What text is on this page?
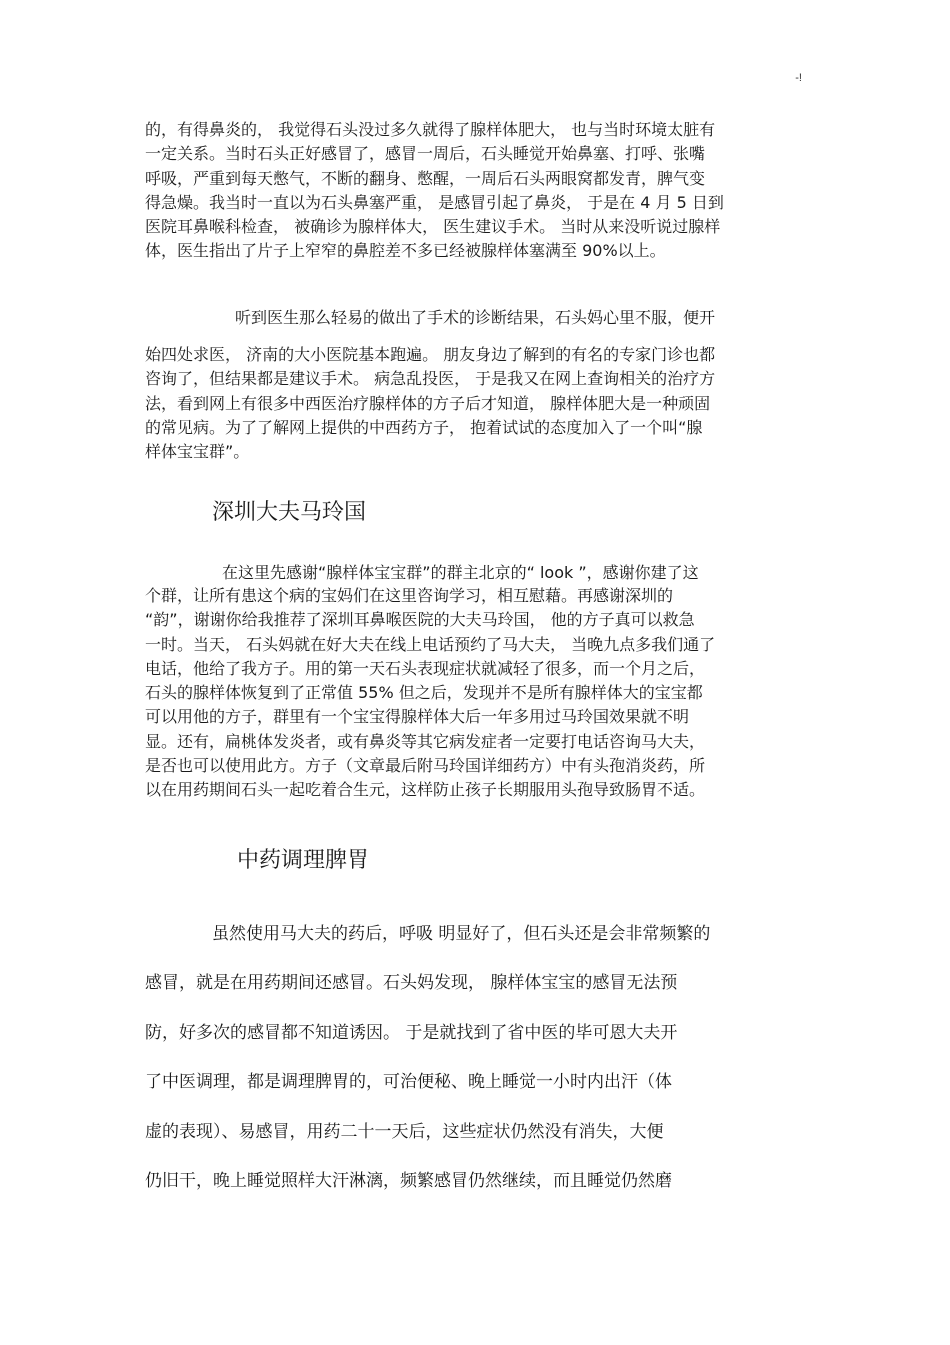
-!
的，有得鼻炎的， 我觉得石头没过多久就得了腺样体肥大， 也与当时环境太脏有
一定关系。当时石头正好感冒了，感冒一周后，石头睡觉开始鼻塞、打呼、张嘴
呼吸，严重到每天憋气，不断的翻身、憋醒，一周后石头两眼窝都发青，脾气变
得急燥。我当时一直以为石头鼻塞严重， 是感冒引起了鼻炎， 于是在 4 月 5 日到
医院耳鼻喉科检查， 被确诊为腺样体大， 医生建议手术。 当时从来没听说过腺样
体，医生指出了片子上窄窄的鼻腔差不多已经被腺样体塞满至 90%以上。
听到医生那么轻易的做出了手术的诊断结果，石头妈心里不服，便开
始四处求医， 济南的大小医院基本跑遍。 朋友身边了解到的有名的专家门诊也都
咨询了，但结果都是建议手术。 病急乱投医， 于是我又在网上查询相关的治疗方
法，看到网上有很多中西医治疗腺样体的方子后才知道， 腺样体肥大是一种顽固
的常见病。为了了解网上提供的中西药方子， 抱着试试的态度加入了一个叫“腺
样体宝宝群”。
深圳大夫马玲国
在这里先感谢“腺样体宝宝群”的群主北京的“ look ”，感谢你建了这
个群，让所有患这个病的宝妈们在这里咨询学习，相互慰藉。再感谢深圳的
“韵”，谢谢你给我推荐了深圳耳鼻喉医院的大夫马玲国， 他的方子真可以救急
一时。当天， 石头妈就在好大夫在线上电话预约了马大夫， 当晚九点多我们通了
电话，他给了我方子。用的第一天石头表现症状就减轻了很多，而一个月之后，
石头的腺样体恢复到了正常值 55% 但之后，发现并不是所有腺样体大的宝宝都
可以用他的方子，群里有一个宝宝得腺样体大后一年多用过马玲国效果就不明
显。还有，扁桃体发炎者，或有鼻炎等其它病发症者一定要打电话咨询马大夫，
是否也可以使用此方。方子（文章最后附马玲国详细药方）中有头孢消炎药，所
以在用药期间石头一起吃着合生元，这样防止孩子长期服用头孢导致肠胃不适。
中药调理脾胃
虽然使用马大夫的药后，呼吸 明显好了，但石头还是会非常频繁的
感冒，就是在用药期间还感冒。石头妈发现， 腺样体宝宝的感冒无法预
防，好多次的感冒都不知道诱因。 于是就找到了省中医的毕可恩大夫开
了中医调理，都是调理脾胃的，可治便秘、晚上睡觉一小时内出汗（体
虚的表现）、易感冒，用药二十一天后，这些症状仍然没有消失，大便
仍旧干，晚上睡觉照样大汗淋漓，频繁感冒仍然继续，而且睡觉仍然磨
